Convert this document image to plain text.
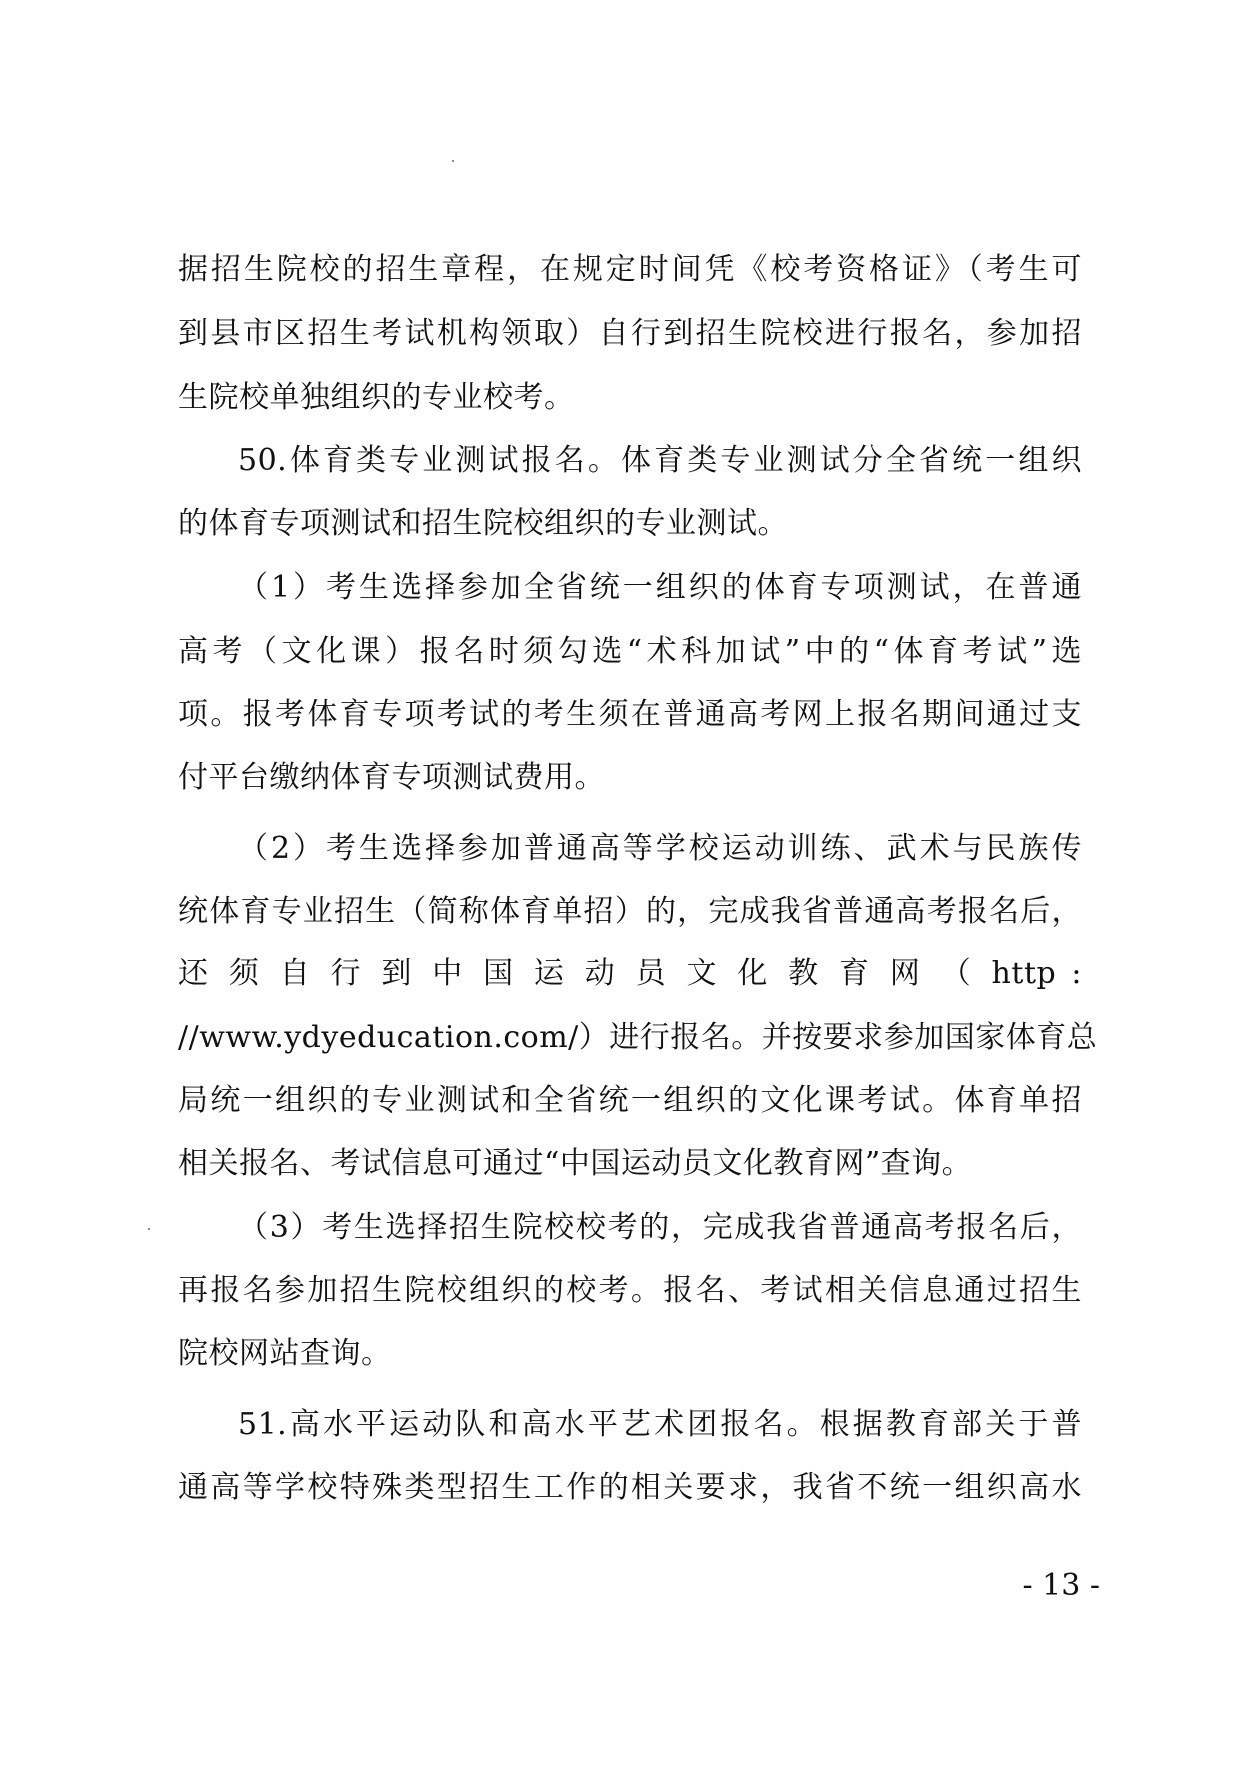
据招生院校的招生章程，在规定时间凭《校考资格证》（考生可
到县市区招生考试机构领取）自行到招生院校进行报名，参加招
生院校单独组织的专业校考。
50.体育类专业测试报名。体育类专业测试分全省统一组织
的体育专项测试和招生院校组织的专业测试。
（1）考生选择参加全省统一组织的体育专项测试，在普通
高考（文化课）报名时须勾选“术科加试”中的“体育考试”选
项。报考体育专项考试的考生须在普通高考网上报名期间通过支
付平台缴纳体育专项测试费用。
（2）考生选择参加普通高等学校运动训练、武术与民族传
统体育专业招生（简称体育单招）的，完成我省普通高考报名后，
还 须 自 行 到 中 国 运 动 员 文 化 教 育 网 （ http :
//www.ydyeducation.com/）进行报名。并按要求参加国家体育总
局统一组织的专业测试和全省统一组织的文化课考试。体育单招
相关报名、考试信息可通过“中国运动员文化教育网”查询。
（3）考生选择招生院校校考的，完成我省普通高考报名后，
再报名参加招生院校组织的校考。报名、考试相关信息通过招生
院校网站查询。
51.高水平运动队和高水平艺术团报名。根据教育部关于普
通高等学校特殊类型招生工作的相关要求，我省不统一组织高水
- 13 -
